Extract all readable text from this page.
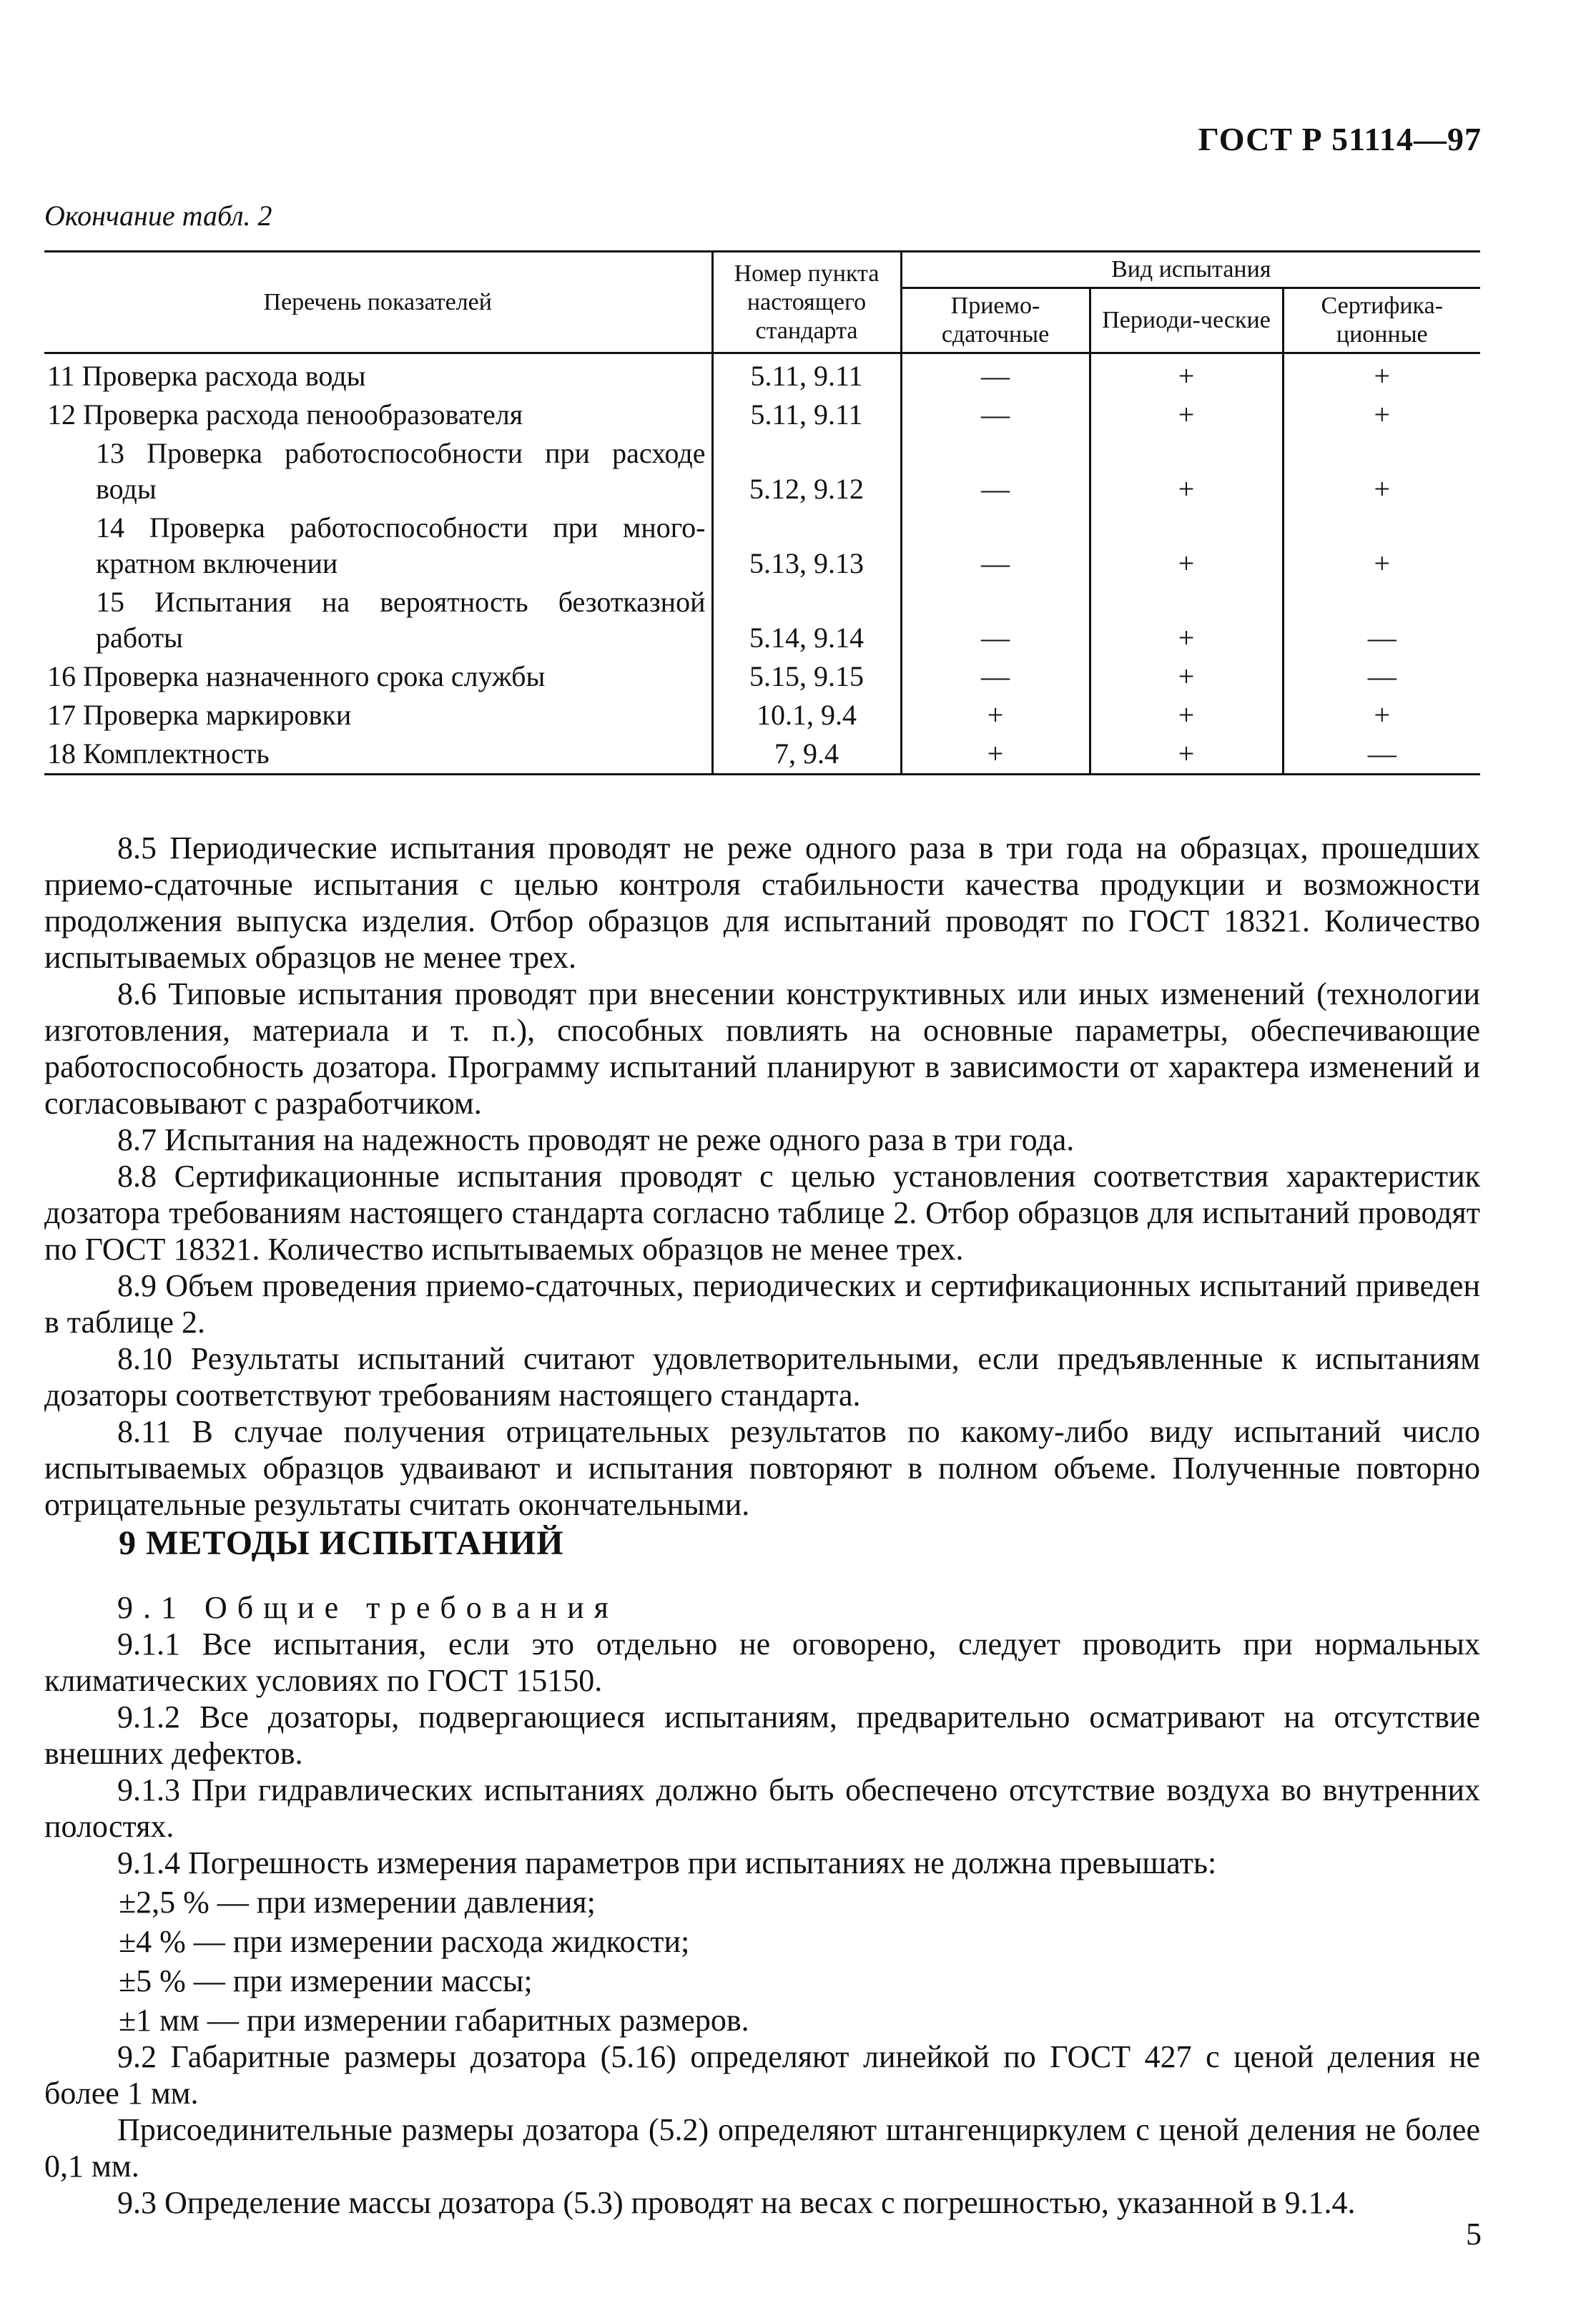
ГОСТ Р 51114—97
Окончание табл. 2
Перечень показателей	Номер пункта настоящего стандарта	Вид испытания		
		Приемо-сдаточные	Периоди-ческие	Сертифика-ционные
11 Проверка расхода воды	5.11, 9.11	—	+	+
12 Проверка расхода пенообразователя	5.11, 9.11	—	+	+

13 Проверка работоспособности при расходе воды	5.12, 9.12	—	+	+

14 Проверка работоспособности при много-кратном включении	5.13, 9.13	—	+	+

15 Испытания на вероятность безотказной работы	5.14, 9.14	—	+	—
16 Проверка назначенного срока службы	5.15, 9.15	—	+	—
17 Проверка маркировки	10.1, 9.4	+	+	+
18 Комплектность	7, 9.4	+	+	—

8.5 Периодические испытания проводят не реже одного раза в три года на образцах, прошедших приемо-сдаточные испытания с целью контроля стабильности качества продукции и возможности продолжения выпуска изделия. Отбор образцов для испытаний проводят по ГОСТ 18321. Количество испытываемых образцов не менее трех.

8.6 Типовые испытания проводят при внесении конструктивных или иных изменений (технологии изготовления, материала и т. п.), способных повлиять на основные параметры, обеспечивающие работоспособность дозатора. Программу испытаний планируют в зависимости от характера изменений и согласовывают с разработчиком.

8.7 Испытания на надежность проводят не реже одного раза в три года.

8.8 Сертификационные испытания проводят с целью установления соответствия характеристик дозатора требованиям настоящего стандарта согласно таблице 2. Отбор образцов для испытаний проводят по ГОСТ 18321. Количество испытываемых образцов не менее трех.

8.9 Объем проведения приемо-сдаточных, периодических и сертификационных испытаний приведен в таблице 2.

8.10 Результаты испытаний считают удовлетворительными, если предъявленные к испытаниям дозаторы соответствуют требованиям настоящего стандарта.

8.11 В случае получения отрицательных результатов по какому-либо виду испытаний число испытываемых образцов удваивают и испытания повторяют в полном объеме. Полученные повторно отрицательные результаты считать окончательными.

9 МЕТОДЫ ИСПЫТАНИЙ

9.1 Общие требования

9.1.1 Все испытания, если это отдельно не оговорено, следует проводить при нормальных климатических условиях по ГОСТ 15150.

9.1.2 Все дозаторы, подвергающиеся испытаниям, предварительно осматривают на отсутствие внешних дефектов.

9.1.3 При гидравлических испытаниях должно быть обеспечено отсутствие воздуха во внутренних полостях.

9.1.4 Погрешность измерения параметров при испытаниях не должна превышать:

±2,5 % — при измерении давления;

±4 % — при измерении расхода жидкости;

±5 % — при измерении массы;

±1 мм — при измерении габаритных размеров.

9.2 Габаритные размеры дозатора (5.16) определяют линейкой по ГОСТ 427 с ценой деления не более 1 мм.

Присоединительные размеры дозатора (5.2) определяют штангенциркулем с ценой деления не более 0,1 мм.

9.3 Определение массы дозатора (5.3) проводят на весах с погрешностью, указанной в 9.1.4.

5
